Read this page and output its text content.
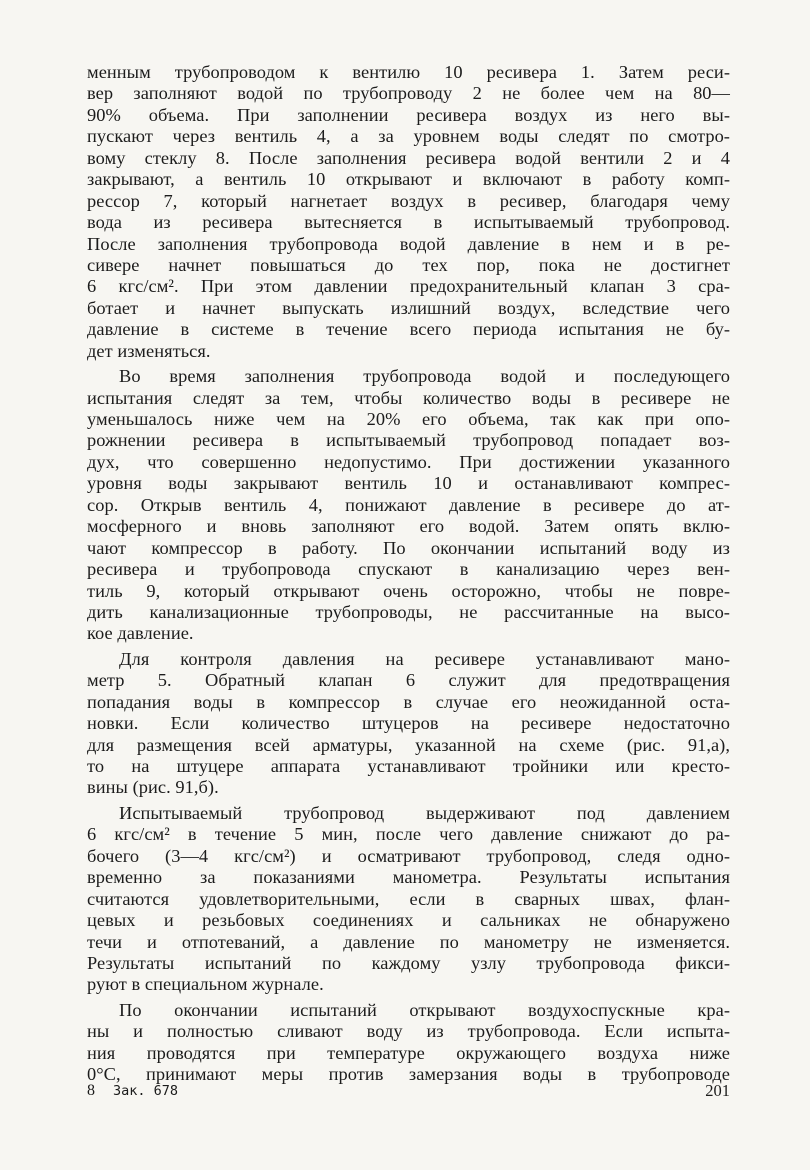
менным трубопроводом к вентилю 10 ресивера 1. Затем реси-
вер заполняют водой по трубопроводу 2 не более чем на 80—
90% объема. При заполнении ресивера воздух из него вы-
пускают через вентиль 4, а за уровнем воды следят по смотро-
вому стеклу 8. После заполнения ресивера водой вентили 2 и 4
закрывают, а вентиль 10 открывают и включают в работу комп-
рессор 7, который нагнетает воздух в ресивер, благодаря чему
вода из ресивера вытесняется в испытываемый трубопровод.
После заполнения трубопровода водой давление в нем и в ре-
сивере начнет повышаться до тех пор, пока не достигнет
6 кгс/см². При этом давлении предохранительный клапан 3 сра-
ботает и начнет выпускать излишний воздух, вследствие чего
давление в системе в течение всего периода испытания не бу-
дет изменяться.
Во время заполнения трубопровода водой и последующего
испытания следят за тем, чтобы количество воды в ресивере не
уменьшалось ниже чем на 20% его объема, так как при опо-
рожнении ресивера в испытываемый трубопровод попадает воз-
дух, что совершенно недопустимо. При достижении указанного
уровня воды закрывают вентиль 10 и останавливают компрес-
сор. Открыв вентиль 4, понижают давление в ресивере до ат-
мосферного и вновь заполняют его водой. Затем опять вклю-
чают компрессор в работу. По окончании испытаний воду из
ресивера и трубопровода спускают в канализацию через вен-
тиль 9, который открывают очень осторожно, чтобы не повре-
дить канализационные трубопроводы, не рассчитанные на высо-
кое давление.
Для контроля давления на ресивере устанавливают мано-
метр 5. Обратный клапан 6 служит для предотвращения
попадания воды в компрессор в случае его неожиданной оста-
новки. Если количество штуцеров на ресивере недостаточно
для размещения всей арматуры, указанной на схеме (рис. 91,а),
то на штуцере аппарата устанавливают тройники или кресто-
вины (рис. 91,б).
Испытываемый трубопровод выдерживают под давлением
6 кгс/см² в течение 5 мин, после чего давление снижают до ра-
бочего (3—4 кгс/см²) и осматривают трубопровод, следя одно-
временно за показаниями манометра. Результаты испытания
считаются удовлетворительными, если в сварных швах, флан-
цевых и резьбовых соединениях и сальниках не обнаружено
течи и отпотеваний, а давление по манометру не изменяется.
Результаты испытаний по каждому узлу трубопровода фикси-
руют в специальном журнале.
По окончании испытаний открывают воздухоспускные кра-
ны и полностью сливают воду из трубопровода. Если испыта-
ния проводятся при температуре окружающего воздуха ниже
0°С, принимают меры против замерзания воды в трубопроводе
8 Зак. 678	201
